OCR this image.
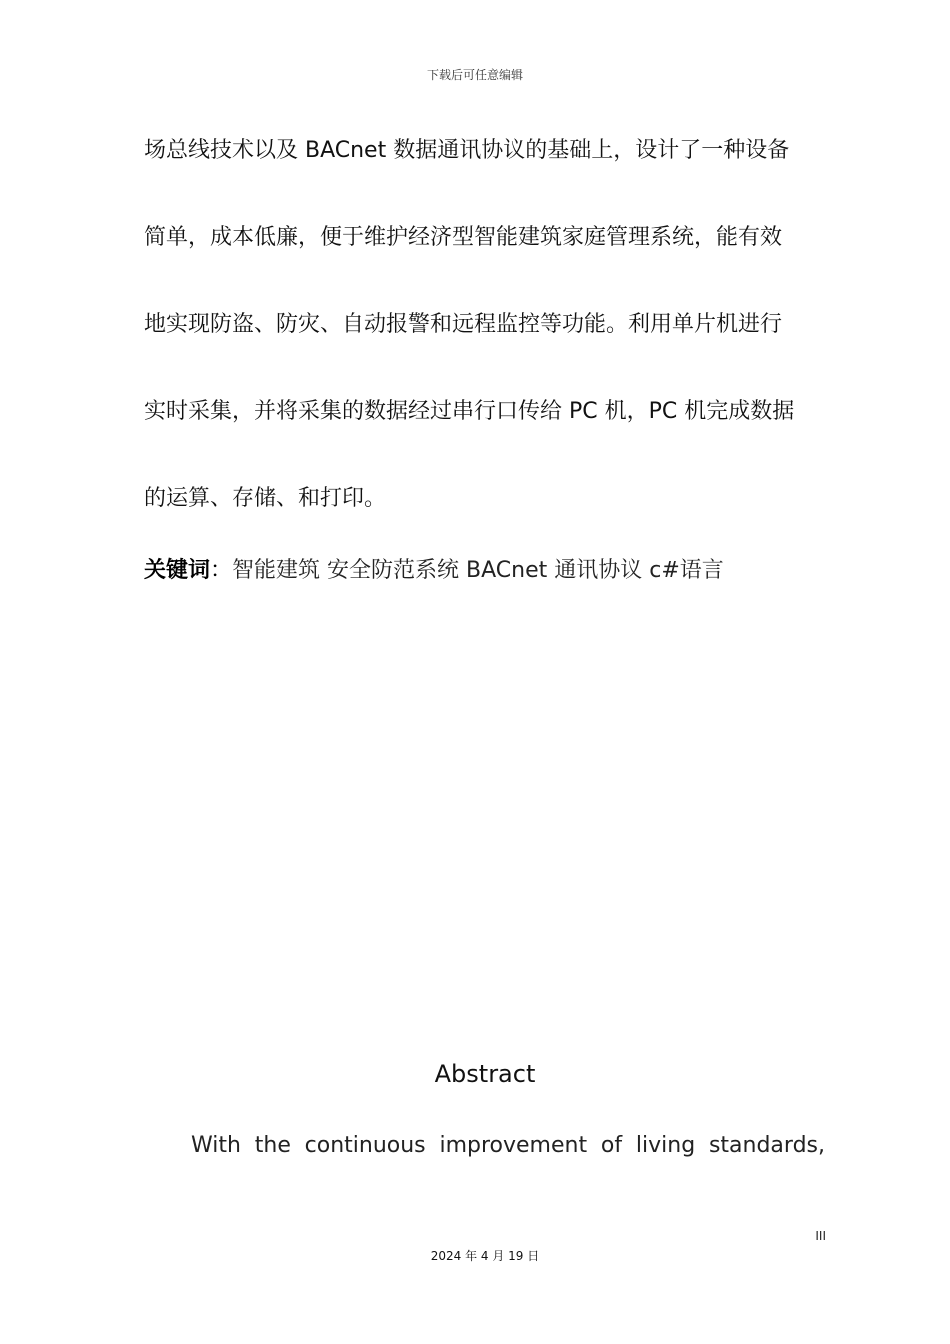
下载后可任意编辑
场总线技术以及 BACnet 数据通讯协议的基础上，设计了一种设备
简单，成本低廉，便于维护经济型智能建筑家庭管理系统，能有效
地实现防盗、防灾、自动报警和远程监控等功能。利用单片机进行
实时采集，并将采集的数据经过串行口传给 PC 机，PC 机完成数据
的运算、存储、和打印。
关键词：智能建筑 安全防范系统 BACnet 通讯协议 c#语言
Abstract
With the continuous improvement of living standards,
III
2024 年 4 月 19 日
